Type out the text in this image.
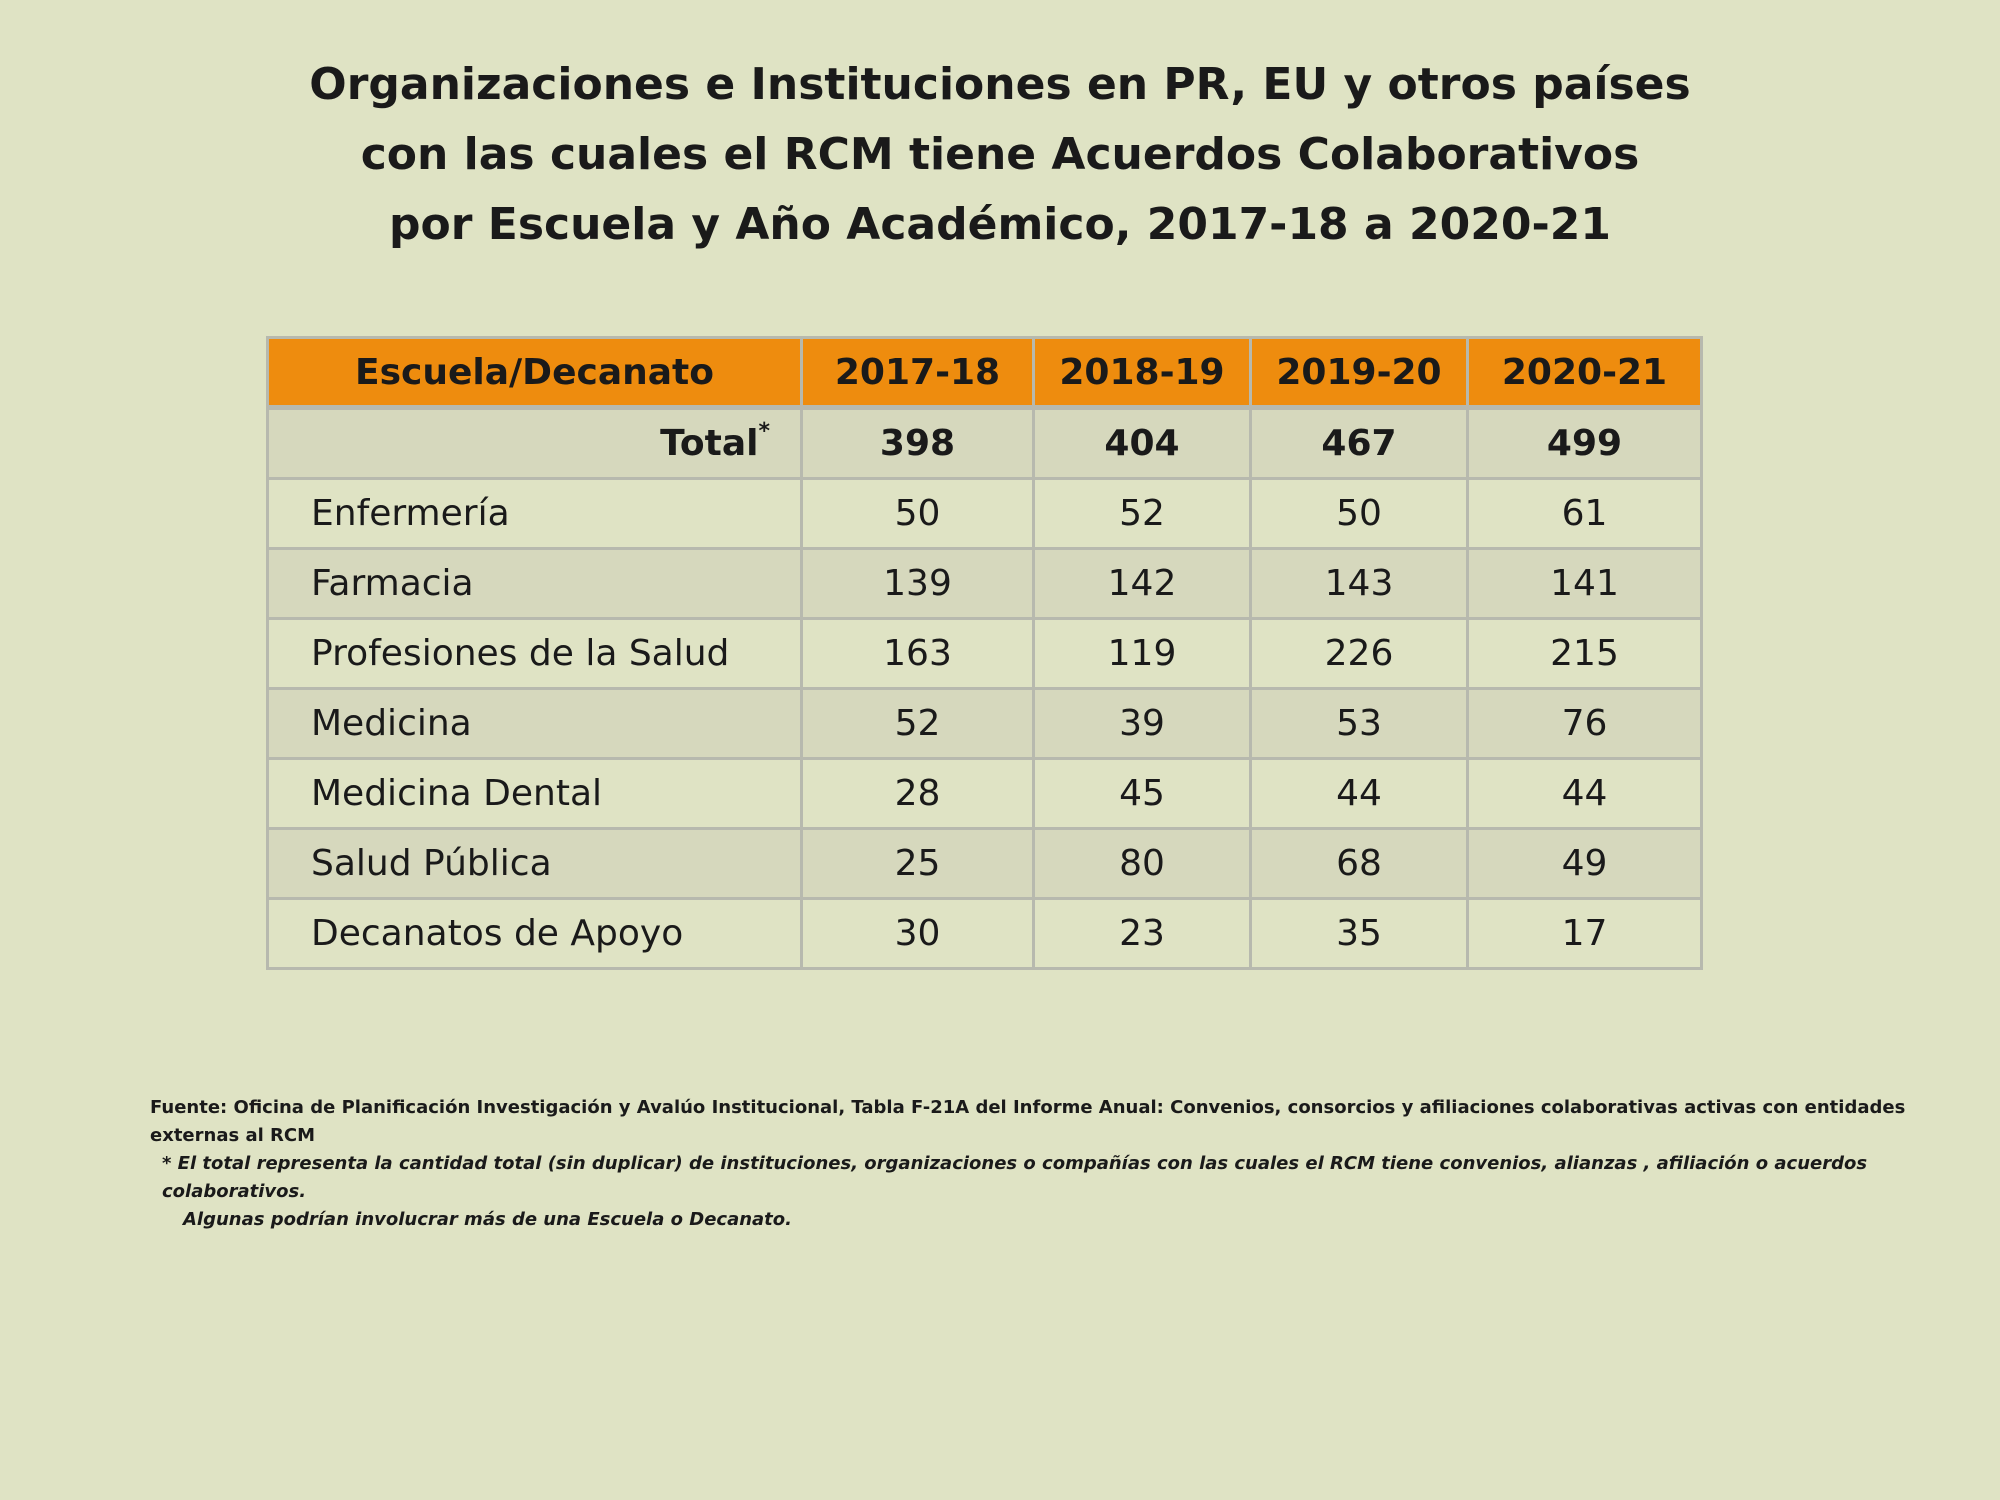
Organizaciones e Instituciones en PR, EU y otros países
con las cuales el RCM tiene Acuerdos Colaborativos
por Escuela y Año Académico, 2017-18 a 2020-21
Escuela/Decanato	2017-18	2018-19	2019-20	2020-21
Total*	398	404	467	499
Enfermería	50	52	50	61
Farmacia	139	142	143	141
Profesiones de la Salud	163	119	226	215
Medicina	52	39	53	76
Medicina Dental	28	45	44	44
Salud Pública	25	80	68	49
Decanatos de Apoyo	30	23	35	17
Fuente: Oficina de Planificación Investigación y Avalúo Institucional, Tabla F-21A del Informe Anual: Convenios, consorcios y afiliaciones colaborativas activas con entidades externas al RCM
* El total representa la cantidad total (sin duplicar) de instituciones, organizaciones o compañías con las cuales el RCM tiene convenios, alianzas , afiliación o acuerdos colaborativos.
Algunas podrían involucrar más de una Escuela o Decanato.
